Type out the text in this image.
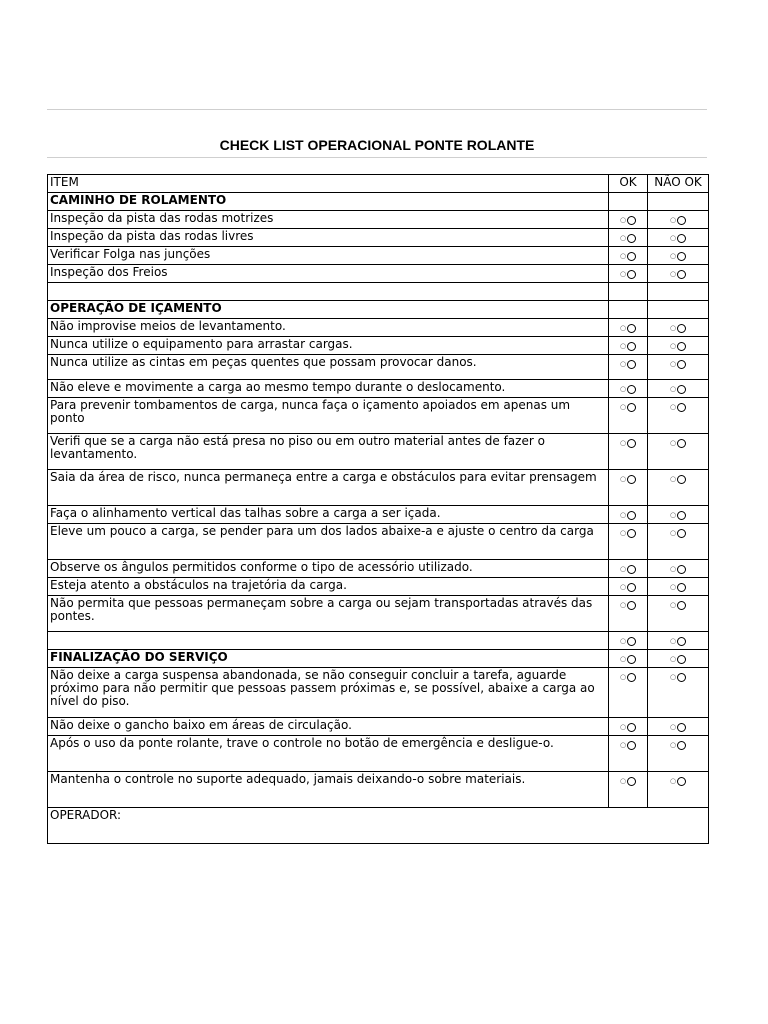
CHECK LIST OPERACIONAL PONTE ROLANTE
ITEM	OK	NÃO OK
CAMINHO DE ROLAMENTO		
Inspeção da pista das rodas motrizes	○	○

Inspeção da pista das rodas livres	○	○

Verificar Folga nas junções	○	○

Inspeção dos Freios	○	○

OPERAÇÃO DE IÇAMENTO		
Não improvise meios de levantamento.	○	○

Nunca utilize o equipamento para arrastar cargas.	○	○

Nunca utilize as cintas em peças quentes que possam provocar danos.	○	○

Não eleve e movimente a carga ao mesmo tempo durante o deslocamento.	○	○

Para prevenir tombamentos de carga, nunca faça o içamento apoiados em apenas um ponto	○	○

Verifi que se a carga não está presa no piso ou em outro material antes de fazer o levantamento.	○	○

Saia da área de risco, nunca permaneça entre a carga e obstáculos para evitar prensagem	○	○

Faça o alinhamento vertical das talhas sobre a carga a ser içada.	○	○

Eleve um pouco a carga, se pender para um dos lados abaixe-a e ajuste o centro da carga	○	○

Observe os ângulos permitidos conforme o tipo de acessório utilizado.	○	○

Esteja atento a obstáculos na trajetória da carga.	○	○

Não permita que pessoas permaneçam sobre a carga ou sejam transportadas através das pontes.	○	○

	○	○

FINALIZAÇÃO DO SERVIÇO	○	○

Não deixe a carga suspensa abandonada, se não conseguir concluir a tarefa, aguarde próximo para não permitir que pessoas passem próximas e, se possível, abaixe a carga ao nível do piso.	○	○

Não deixe o gancho baixo em áreas de circulação.	○	○

Após o uso da ponte rolante, trave o controle no botão de emergência e desligue-o.	○	○

Mantenha o controle no suporte adequado, jamais deixando-o sobre materiais.	○	○

OPERADOR:		
